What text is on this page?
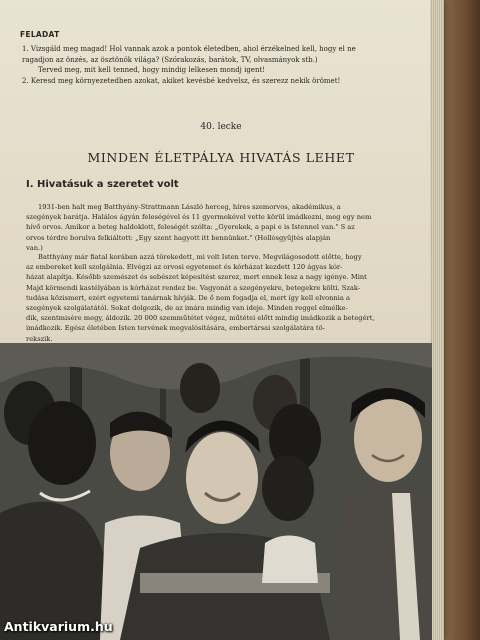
FELADAT
1. Vizsgáld meg magad! Hol vannak azok a pontok életedben, ahol érzékelned kell, hogy el ne
ragadjon az önzés, az ösztönök világa? (Szórakozás, barátok, TV, olvasmányok stb.)
Terved meg, mit kell tenned, hogy mindig lelkesen mondj igent!
2. Keresd meg környezetedben azokat, akiket kevésbé kedvelsz, és szerezz nekik örömet!
40. lecke
MINDEN ÉLETPÁLYA HIVATÁS LEHET
I. Hivatásuk a szeretet volt
1931-ben halt meg Batthyány-Strattmann László herceg, híres szemorvos, akadémikus, a
szegények barátja. Halálos ágyán feleségével és 11 gyermekével vette körül imádkozni, meg egy nem
hívő orvos. Amikor a beteg haldoklott, feleségét szólta: „Gyerekek, a papi e is Istennel van." S az
orvos térdre borulva felkiáltott: „Egy szent hagyott itt bennünket." (Hollósgyűjtés alapján
van.)
Batthyány már fiatal korában azzá törekedett, mi volt Isten terve. Megvilágosodott előtte, hogy
az embereket kell szolgálnia. Elvégzi az orvosi egyetemet és kórházat kezdett 120 ágyas kór-
házat alapítja. Később szemészet és sebészet képesítést szerez, mert ennek lesz a nagy igénye. Mint
Majd körmendi kastélyában is kórházat rendez be. Vagyonát a szegényekre, betegekre költi. Szak-
tudása közismert, ezért egyetemi tanárnak hívják. De ő nem fogadja el, mert így kell elvonnia a
szegények szolgálatától. Sokat dolgozik, de az imára mindig van ideje. Minden reggel elmélke-
dik, szentmisére megy, áldozik. 20 000 szemműtétet végez, műtétei előtt mindig imádkozik a betegért,
imádkozik. Egész életében Isten tervének megvalósítására, embertársai szolgálatára tö-
rekszik.
Antikvarium.hu
